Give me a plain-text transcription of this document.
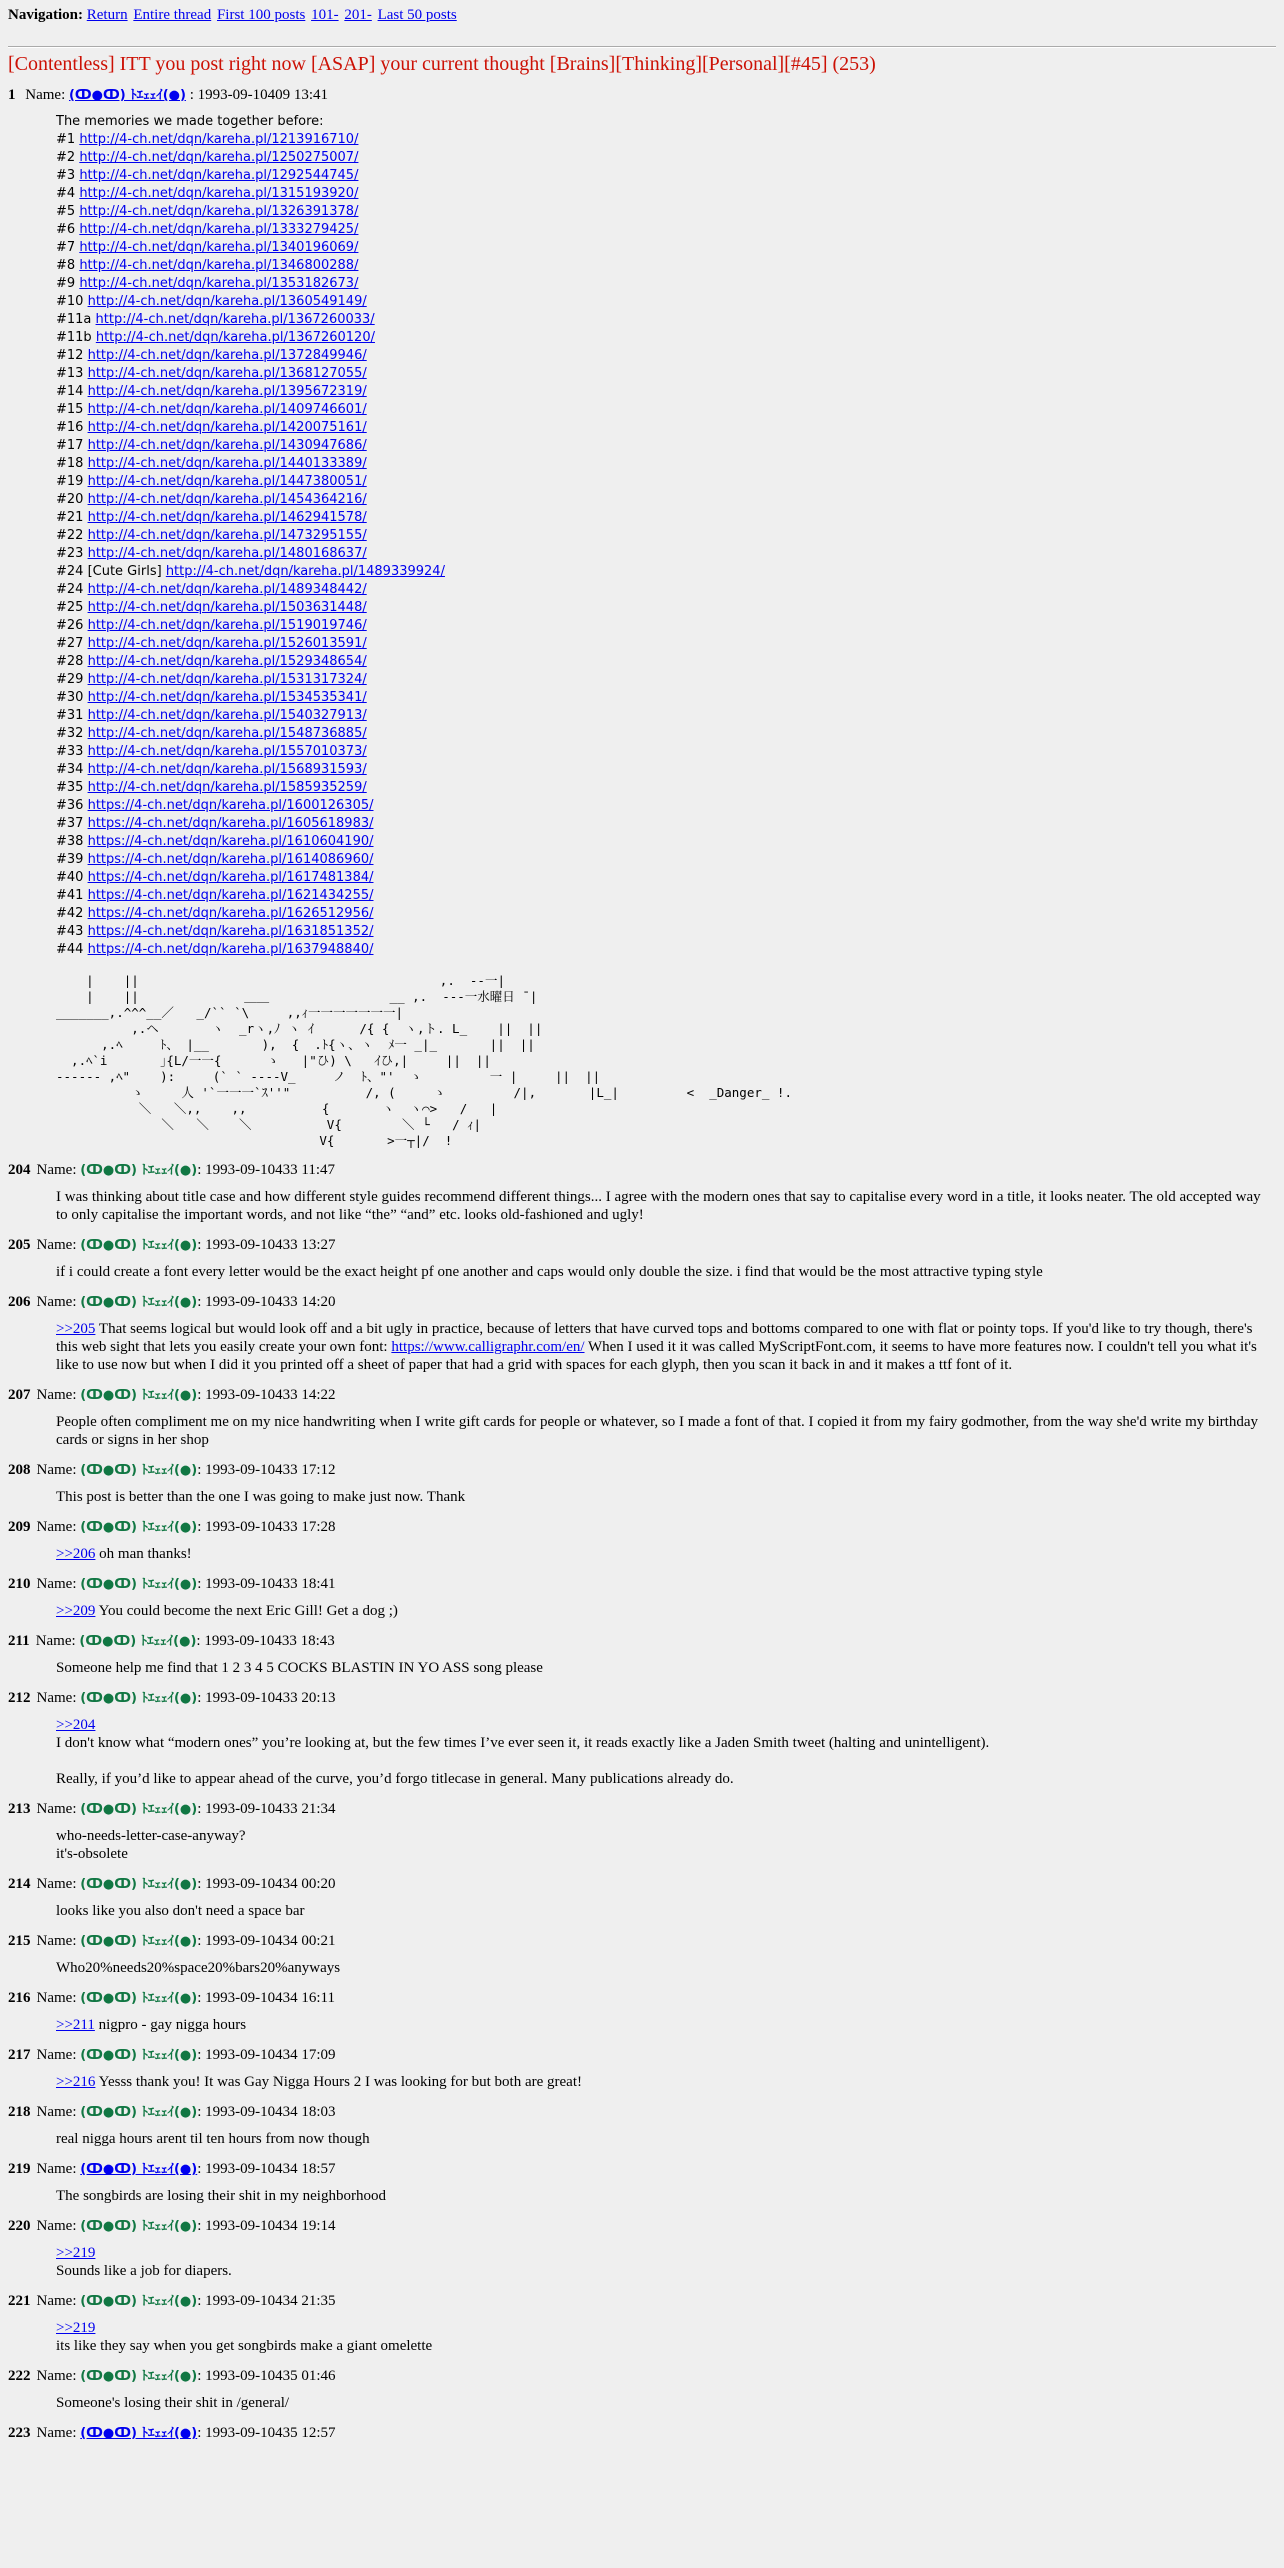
Navigation: Return Entire thread First 100 posts 101- 201- Last 50 posts
[Contentless] ITT you post right now [ASAP] your current thought [Brains][Thinking][Personal][#45] (253)
1 Name: (ↀ●ↀ) ﾄｴｪｪｲ(●) : 1993-09-10409 13:41
The memories we made together before:
#1 http://4-ch.net/dqn/kareha.pl/1213916710/
#2 http://4-ch.net/dqn/kareha.pl/1250275007/
#3 http://4-ch.net/dqn/kareha.pl/1292544745/
#4 http://4-ch.net/dqn/kareha.pl/1315193920/
#5 http://4-ch.net/dqn/kareha.pl/1326391378/
#6 http://4-ch.net/dqn/kareha.pl/1333279425/
#7 http://4-ch.net/dqn/kareha.pl/1340196069/
#8 http://4-ch.net/dqn/kareha.pl/1346800288/
#9 http://4-ch.net/dqn/kareha.pl/1353182673/
#10 http://4-ch.net/dqn/kareha.pl/1360549149/
#11a http://4-ch.net/dqn/kareha.pl/1367260033/
#11b http://4-ch.net/dqn/kareha.pl/1367260120/
#12 http://4-ch.net/dqn/kareha.pl/1372849946/
#13 http://4-ch.net/dqn/kareha.pl/1368127055/
#14 http://4-ch.net/dqn/kareha.pl/1395672319/
#15 http://4-ch.net/dqn/kareha.pl/1409746601/
#16 http://4-ch.net/dqn/kareha.pl/1420075161/
#17 http://4-ch.net/dqn/kareha.pl/1430947686/
#18 http://4-ch.net/dqn/kareha.pl/1440133389/
#19 http://4-ch.net/dqn/kareha.pl/1447380051/
#20 http://4-ch.net/dqn/kareha.pl/1454364216/
#21 http://4-ch.net/dqn/kareha.pl/1462941578/
#22 http://4-ch.net/dqn/kareha.pl/1473295155/
#23 http://4-ch.net/dqn/kareha.pl/1480168637/
#24 [Cute Girls] http://4-ch.net/dqn/kareha.pl/1489339924/
#24 http://4-ch.net/dqn/kareha.pl/1489348442/
#25 http://4-ch.net/dqn/kareha.pl/1503631448/
#26 http://4-ch.net/dqn/kareha.pl/1519019746/
#27 http://4-ch.net/dqn/kareha.pl/1526013591/
#28 http://4-ch.net/dqn/kareha.pl/1529348654/
#29 http://4-ch.net/dqn/kareha.pl/1531317324/
#30 http://4-ch.net/dqn/kareha.pl/1534535341/
#31 http://4-ch.net/dqn/kareha.pl/1540327913/
#32 http://4-ch.net/dqn/kareha.pl/1548736885/
#33 http://4-ch.net/dqn/kareha.pl/1557010373/
#34 http://4-ch.net/dqn/kareha.pl/1568931593/
#35 http://4-ch.net/dqn/kareha.pl/1585935259/
#36 https://4-ch.net/dqn/kareha.pl/1600126305/
#37 https://4-ch.net/dqn/kareha.pl/1605618983/
#38 https://4-ch.net/dqn/kareha.pl/1610604190/
#39 https://4-ch.net/dqn/kareha.pl/1614086960/
#40 https://4-ch.net/dqn/kareha.pl/1617481384/
#41 https://4-ch.net/dqn/kareha.pl/1621434255/
#42 https://4-ch.net/dqn/kareha.pl/1626512956/
#43 https://4-ch.net/dqn/kareha.pl/1631851352/
#44 https://4-ch.net/dqn/kareha.pl/1637948840/
|    ||                                        ,.  -‐一|
|    ||              ＿＿                __ ,.  ---一水曜日 ̄ |
_______,.^^^__／   _/`` `\     ,,ｨ一一一一一一一|
,.ヘ       ヽ  _rヽ,ﾉ ヽ ｲ      /{ {  ヽ,ト. L_    ||  ||
,.ﾍ     ﾄ、 |__       ),  {  .ﾄ{ヽ、ヽ  ﾒ一 _|_       ||  ||
,.ﾍ`i       ｣{L/一一{      ゝ   |"ひ) \   ｲひ,|     ||  ||
------ ,ﾍ"    ):     (` ` ----V_     ノ  ﾄ、"'  ゝ         一 |     ||  ||
ゝ     人 '`一一一`ｽ''"          /, (     ゝ         /|,       |L_|         <  _Danger_ !.
＼   ＼,,    ,,          {       ヽ  ヽ⌒>   /   |
＼   ＼    ＼          V{        ＼ └   / ｨ|
V{       >一┬|/  !
204 Name: (ↀ●ↀ) ﾄｴｪｪｲ(●): 1993-09-10433 11:47
I was thinking about title case and how different style guides recommend different things... I agree with the modern ones that say to capitalise every word in a title, it looks neater. The old accepted way to only capitalise the important words, and not like “the” “and” etc. looks old-fashioned and ugly!
205 Name: (ↀ●ↀ) ﾄｴｪｪｲ(●): 1993-09-10433 13:27
if i could create a font every letter would be the exact height pf one another and caps would only double the size. i find that would be the most attractive typing style
206 Name: (ↀ●ↀ) ﾄｴｪｪｲ(●): 1993-09-10433 14:20
>>205 That seems logical but would look off and a bit ugly in practice, because of letters that have curved tops and bottoms compared to one with flat or pointy tops. If you'd like to try though, there's this web sight that lets you easily create your own font: https://www.calligraphr.com/en/ When I used it it was called MyScriptFont.com, it seems to have more features now. I couldn't tell you what it's like to use now but when I did it you printed off a sheet of paper that had a grid with spaces for each glyph, then you scan it back in and it makes a ttf font of it.
207 Name: (ↀ●ↀ) ﾄｴｪｪｲ(●): 1993-09-10433 14:22
People often compliment me on my nice handwriting when I write gift cards for people or whatever, so I made a font of that. I copied it from my fairy godmother, from the way she'd write my birthday cards or signs in her shop
208 Name: (ↀ●ↀ) ﾄｴｪｪｲ(●): 1993-09-10433 17:12
This post is better than the one I was going to make just now. Thank
209 Name: (ↀ●ↀ) ﾄｴｪｪｲ(●): 1993-09-10433 17:28
>>206 oh man thanks!
210 Name: (ↀ●ↀ) ﾄｴｪｪｲ(●): 1993-09-10433 18:41
>>209 You could become the next Eric Gill! Get a dog ;)
211 Name: (ↀ●ↀ) ﾄｴｪｪｲ(●): 1993-09-10433 18:43
Someone help me find that 1 2 3 4 5 COCKS BLASTIN IN YO ASS song please
212 Name: (ↀ●ↀ) ﾄｴｪｪｲ(●): 1993-09-10433 20:13
>>204
I don't know what “modern ones” you’re looking at, but the few times I’ve ever seen it, it reads exactly like a Jaden Smith tweet (halting and unintelligent).
Really, if you’d like to appear ahead of the curve, you’d forgo titlecase in general. Many publications already do.
213 Name: (ↀ●ↀ) ﾄｴｪｪｲ(●): 1993-09-10433 21:34
who-needs-letter-case-anyway?
it's-obsolete
214 Name: (ↀ●ↀ) ﾄｴｪｪｲ(●): 1993-09-10434 00:20
looks like you also don't need a space bar
215 Name: (ↀ●ↀ) ﾄｴｪｪｲ(●): 1993-09-10434 00:21
Who20%needs20%space20%bars20%anyways
216 Name: (ↀ●ↀ) ﾄｴｪｪｲ(●): 1993-09-10434 16:11
>>211 nigpro - gay nigga hours
217 Name: (ↀ●ↀ) ﾄｴｪｪｲ(●): 1993-09-10434 17:09
>>216 Yesss thank you! It was Gay Nigga Hours 2 I was looking for but both are great!
218 Name: (ↀ●ↀ) ﾄｴｪｪｲ(●): 1993-09-10434 18:03
real nigga hours arent til ten hours from now though
219 Name: (ↀ●ↀ) ﾄｴｪｪｲ(●): 1993-09-10434 18:57
The songbirds are losing their shit in my neighborhood
220 Name: (ↀ●ↀ) ﾄｴｪｪｲ(●): 1993-09-10434 19:14
>>219
Sounds like a job for diapers.
221 Name: (ↀ●ↀ) ﾄｴｪｪｲ(●): 1993-09-10434 21:35
>>219
its like they say when you get songbirds make a giant omelette
222 Name: (ↀ●ↀ) ﾄｴｪｪｲ(●): 1993-09-10435 01:46
Someone's losing their shit in /general/
223 Name: (ↀ●ↀ) ﾄｴｪｪｲ(●): 1993-09-10435 12:57
